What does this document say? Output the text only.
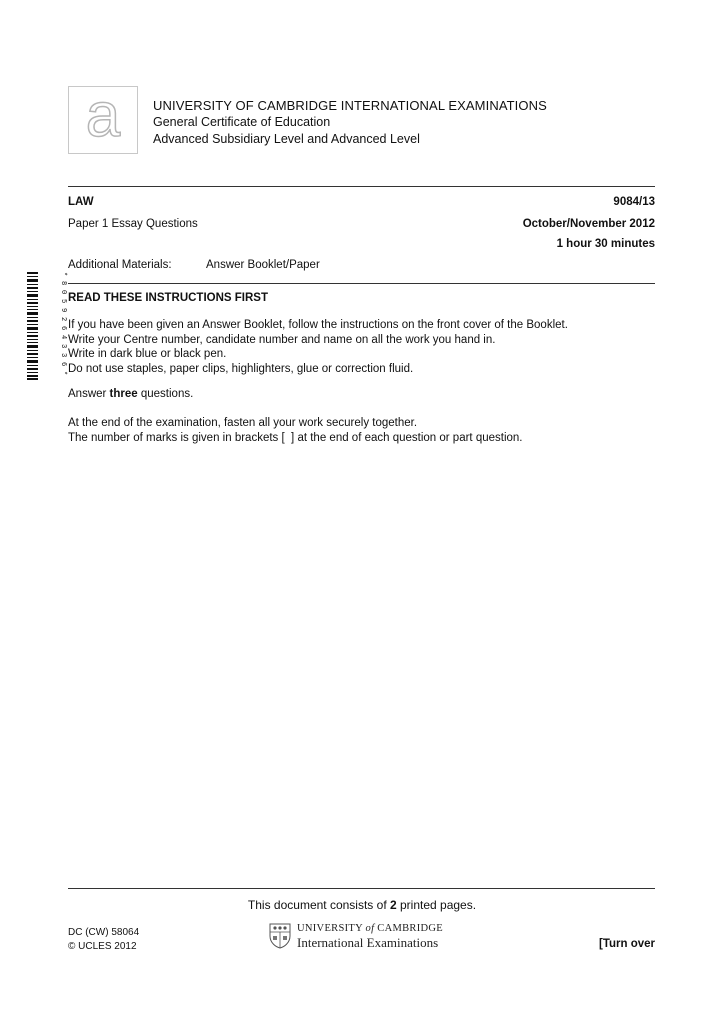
a	UNIVERSITY OF CAMBRIDGE INTERNATIONAL EXAMINATIONS
General Certificate of Education
Advanced Subsidiary Level and Advanced Level
LAW	9084/13
Paper 1 Essay Questions	October/November 2012
1 hour 30 minutes
Additional Materials:	Answer Booklet/Paper
* 8 0 5 9 2 6 4 3 3 6 * READ THESE INSTRUCTIONS FIRST
If you have been given an Answer Booklet, follow the instructions on the front cover of the Booklet.
Write your Centre number, candidate number and name on all the work you hand in.
Write in dark blue or black pen.
Do not use staples, paper clips, highlighters, glue or correction fluid.
Answer three questions.
At the end of the examination, fasten all your work securely together.
The number of marks is given in brackets [  ] at the end of each question or part question.
This document consists of 2 printed pages.
DC (CW) 58064
© UCLES 2012
UNIVERSITY of CAMBRIDGE
International Examinations	[Turn over
